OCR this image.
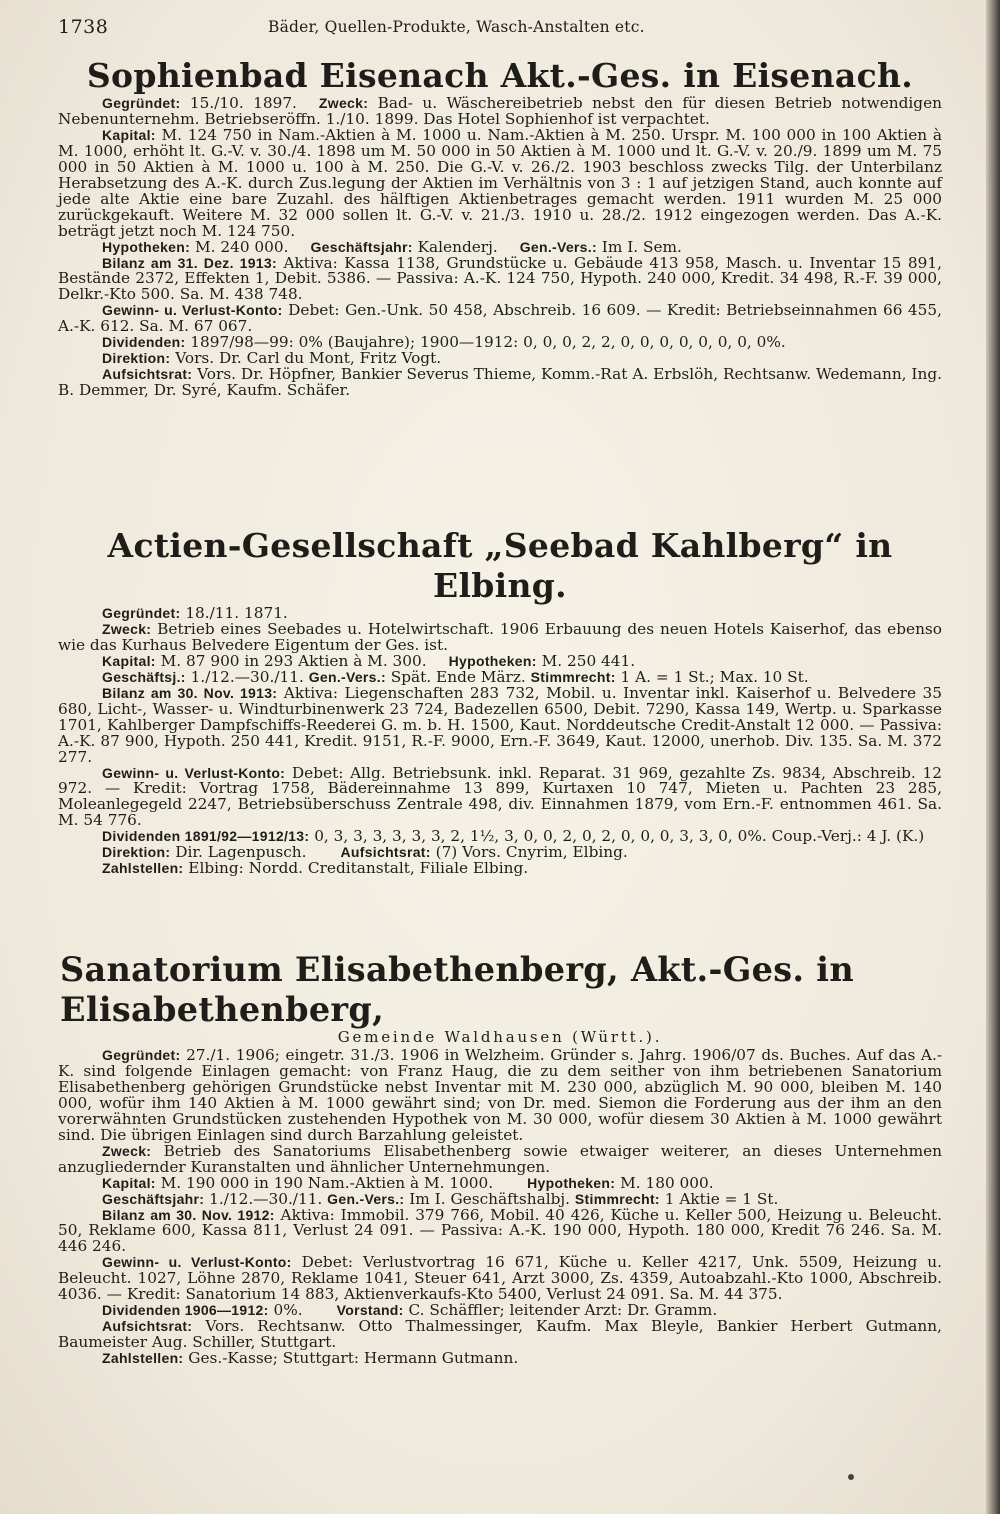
1738	Bäder, Quellen-Produkte, Wasch-Anstalten etc.
Sophienbad Eisenach Akt.-Ges. in Eisenach.

Gegründet: 15./10. 1897. Zweck: Bad- u. Wäschereibetrieb nebst den für diesen Betrieb notwendigen Nebenunternehm. Betriebseröffn. 1./10. 1899. Das Hotel Sophienhof ist verpachtet.

Kapital: M. 124 750 in Nam.-Aktien à M. 1000 u. Nam.-Aktien à M. 250. Urspr. M. 100 000 in 100 Aktien à M. 1000, erhöht lt. G.-V. v. 30./4. 1898 um M. 50 000 in 50 Aktien à M. 1000 und lt. G.-V. v. 20./9. 1899 um M. 75 000 in 50 Aktien à M. 1000 u. 100 à M. 250. Die G.-V. v. 26./2. 1903 beschloss zwecks Tilg. der Unterbilanz Herabsetzung des A.-K. durch Zus.legung der Aktien im Verhältnis von 3 : 1 auf jetzigen Stand, auch konnte auf jede alte Aktie eine bare Zuzahl. des hälftigen Aktienbetrages gemacht werden. 1911 wurden M. 25 000 zurückgekauft. Weitere M. 32 000 sollen lt. G.-V. v. 21./3. 1910 u. 28./2. 1912 eingezogen werden. Das A.-K. beträgt jetzt noch M. 124 750.

Hypotheken: M. 240 000. Geschäftsjahr: Kalenderj. Gen.-Vers.: Im I. Sem.

Bilanz am 31. Dez. 1913: Aktiva: Kassa 1138, Grundstücke u. Gebäude 413 958, Masch. u. Inventar 15 891, Bestände 2372, Effekten 1, Debit. 5386. — Passiva: A.-K. 124 750, Hypoth. 240 000, Kredit. 34 498, R.-F. 39 000, Delkr.-Kto 500. Sa. M. 438 748.

Gewinn- u. Verlust-Konto: Debet: Gen.-Unk. 50 458, Abschreib. 16 609. — Kredit: Betriebseinnahmen 66 455, A.-K. 612. Sa. M. 67 067.

Dividenden: 1897/98—99: 0% (Baujahre); 1900—1912: 0, 0, 0, 2, 2, 0, 0, 0, 0, 0, 0, 0, 0%.

Direktion: Vors. Dr. Carl du Mont, Fritz Vogt.

Aufsichtsrat: Vors. Dr. Höpfner, Bankier Severus Thieme, Komm.-Rat A. Erbslöh, Rechtsanw. Wedemann, Ing. B. Demmer, Dr. Syré, Kaufm. Schäfer.

Actien-Gesellschaft „Seebad Kahlberg“ in Elbing.

Gegründet: 18./11. 1871.

Zweck: Betrieb eines Seebades u. Hotelwirtschaft. 1906 Erbauung des neuen Hotels Kaiserhof, das ebenso wie das Kurhaus Belvedere Eigentum der Ges. ist.

Kapital: M. 87 900 in 293 Aktien à M. 300. Hypotheken: M. 250 441.

Geschäftsj.: 1./12.—30./11. Gen.-Vers.: Spät. Ende März. Stimmrecht: 1 A. = 1 St.; Max. 10 St.

Bilanz am 30. Nov. 1913: Aktiva: Liegenschaften 283 732, Mobil. u. Inventar inkl. Kaiserhof u. Belvedere 35 680, Licht-, Wasser- u. Windturbinenwerk 23 724, Badezellen 6500, Debit. 7290, Kassa 149, Wertp. u. Sparkasse 1701, Kahlberger Dampfschiffs-Reederei G. m. b. H. 1500, Kaut. Norddeutsche Credit-Anstalt 12 000. — Passiva: A.-K. 87 900, Hypoth. 250 441, Kredit. 9151, R.-F. 9000, Ern.-F. 3649, Kaut. 12000, unerhob. Div. 135. Sa. M. 372 277.

Gewinn- u. Verlust-Konto: Debet: Allg. Betriebsunk. inkl. Reparat. 31 969, gezahlte Zs. 9834, Abschreib. 12 972. — Kredit: Vortrag 1758, Bädereinnahme 13 899, Kurtaxen 10 747, Mieten u. Pachten 23 285, Moleanlegegeld 2247, Betriebsüberschuss Zentrale 498, div. Einnahmen 1879, vom Ern.-F. entnommen 461. Sa. M. 54 776.

Dividenden 1891/92—1912/13: 0, 3, 3, 3, 3, 3, 3, 2, 1½, 3, 0, 0, 2, 0, 2, 0, 0, 0, 3, 3, 0, 0%. Coup.-Verj.: 4 J. (K.)

Direktion: Dir. Lagenpusch. Aufsichtsrat: (7) Vors. Cnyrim, Elbing.

Zahlstellen: Elbing: Nordd. Creditanstalt, Filiale Elbing.

Sanatorium Elisabethenberg, Akt.-Ges. in Elisabethenberg,
Gemeinde Waldhausen (Württ.).

Gegründet: 27./1. 1906; eingetr. 31./3. 1906 in Welzheim. Gründer s. Jahrg. 1906/07 ds. Buches. Auf das A.-K. sind folgende Einlagen gemacht: von Franz Haug, die zu dem seither von ihm betriebenen Sanatorium Elisabethenberg gehörigen Grundstücke nebst Inventar mit M. 230 000, abzüglich M. 90 000, bleiben M. 140 000, wofür ihm 140 Aktien à M. 1000 gewährt sind; von Dr. med. Siemon die Forderung aus der ihm an den vorerwähnten Grundstücken zustehenden Hypothek von M. 30 000, wofür diesem 30 Aktien à M. 1000 gewährt sind. Die übrigen Einlagen sind durch Barzahlung geleistet.

Zweck: Betrieb des Sanatoriums Elisabethenberg sowie etwaiger weiterer, an dieses Unternehmen anzugliedernder Kuranstalten und ähnlicher Unternehmungen.

Kapital: M. 190 000 in 190 Nam.-Aktien à M. 1000. Hypotheken: M. 180 000.

Geschäftsjahr: 1./12.—30./11. Gen.-Vers.: Im I. Geschäftshalbj. Stimmrecht: 1 Aktie = 1 St.

Bilanz am 30. Nov. 1912: Aktiva: Immobil. 379 766, Mobil. 40 426, Küche u. Keller 500, Heizung u. Beleucht. 50, Reklame 600, Kassa 811, Verlust 24 091. — Passiva: A.-K. 190 000, Hypoth. 180 000, Kredit 76 246. Sa. M. 446 246.

Gewinn- u. Verlust-Konto: Debet: Verlustvortrag 16 671, Küche u. Keller 4217, Unk. 5509, Heizung u. Beleucht. 1027, Löhne 2870, Reklame 1041, Steuer 641, Arzt 3000, Zs. 4359, Autoabzahl.-Kto 1000, Abschreib. 4036. — Kredit: Sanatorium 14 883, Aktienverkaufs-Kto 5400, Verlust 24 091. Sa. M. 44 375.

Dividenden 1906—1912: 0%. Vorstand: C. Schäffler; leitender Arzt: Dr. Gramm.

Aufsichtsrat: Vors. Rechtsanw. Otto Thalmessinger, Kaufm. Max Bleyle, Bankier Herbert Gutmann, Baumeister Aug. Schiller, Stuttgart.

Zahlstellen: Ges.-Kasse; Stuttgart: Hermann Gutmann.
